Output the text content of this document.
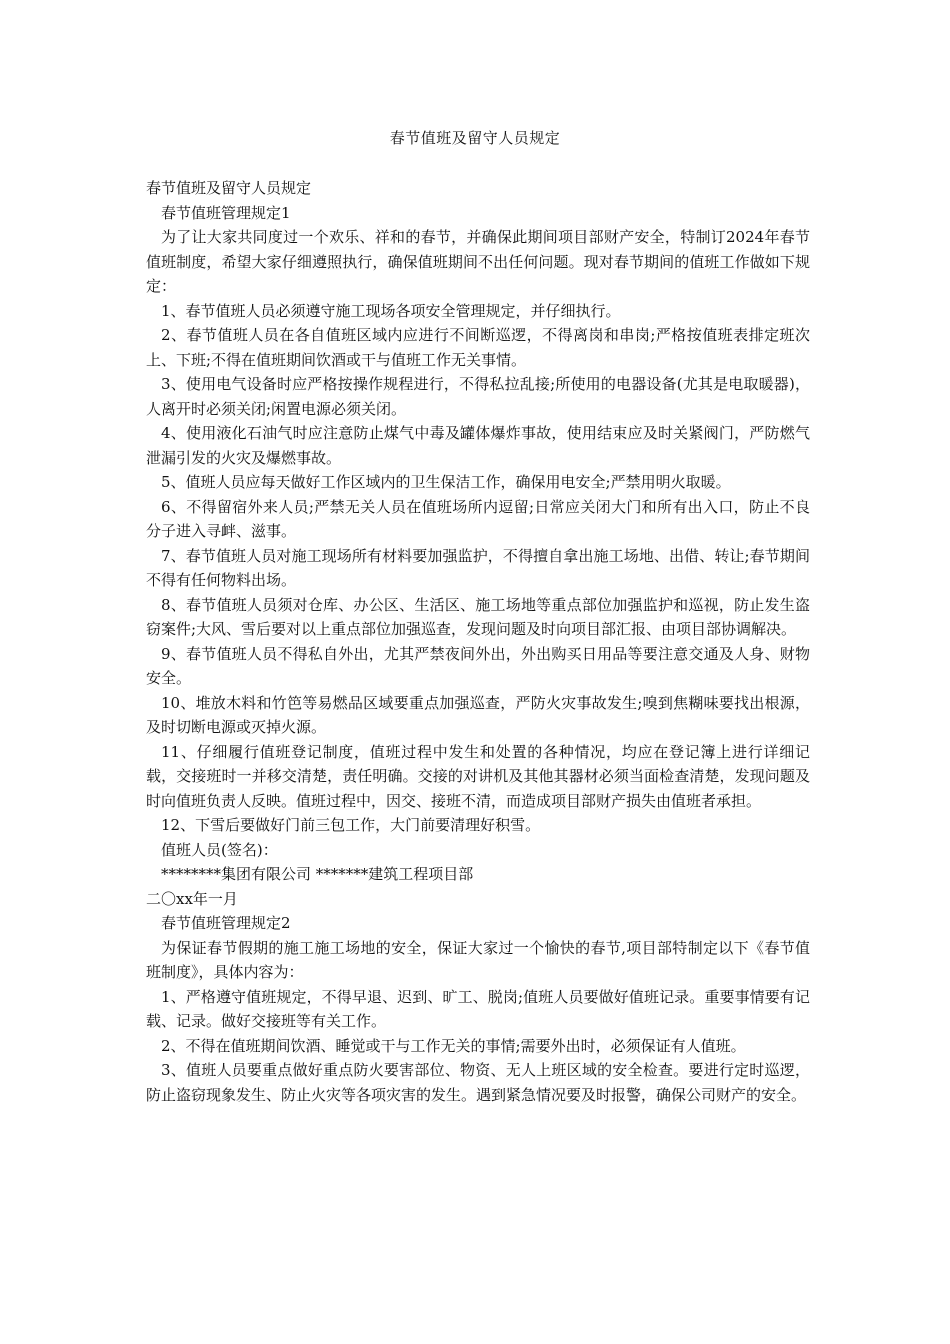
春节值班及留守人员规定

春节值班及留守人员规定

春节值班管理规定1

为了让大家共同度过一个欢乐、祥和的春节，并确保此期间项目部财产安全，特制订2024年春节值班制度，希望大家仔细遵照执行，确保值班期间不出任何问题。现对春节期间的值班工作做如下规定：

1、春节值班人员必须遵守施工现场各项安全管理规定，并仔细执行。

2、春节值班人员在各自值班区域内应进行不间断巡逻，不得离岗和串岗;严格按值班表排定班次上、下班;不得在值班期间饮酒或干与值班工作无关事情。

3、使用电气设备时应严格按操作规程进行，不得私拉乱接;所使用的电器设备(尤其是电取暖器)，人离开时必须关闭;闲置电源必须关闭。

4、使用液化石油气时应注意防止煤气中毒及罐体爆炸事故，使用结束应及时关紧阀门，严防燃气泄漏引发的火灾及爆燃事故。

5、值班人员应每天做好工作区域内的卫生保洁工作，确保用电安全;严禁用明火取暖。

6、不得留宿外来人员;严禁无关人员在值班场所内逗留;日常应关闭大门和所有出入口，防止不良分子进入寻衅、滋事。

7、春节值班人员对施工现场所有材料要加强监护，不得擅自拿出施工场地、出借、转让;春节期间不得有任何物料出场。

8、春节值班人员须对仓库、办公区、生活区、施工场地等重点部位加强监护和巡视，防止发生盗窃案件;大风、雪后要对以上重点部位加强巡查，发现问题及时向项目部汇报、由项目部协调解决。

9、春节值班人员不得私自外出，尤其严禁夜间外出，外出购买日用品等要注意交通及人身、财物安全。

10、堆放木料和竹笆等易燃品区域要重点加强巡查，严防火灾事故发生;嗅到焦糊味要找出根源，及时切断电源或灭掉火源。

11、仔细履行值班登记制度，值班过程中发生和处置的各种情况，均应在登记簿上进行详细记载，交接班时一并移交清楚，责任明确。交接的对讲机及其他其器材必须当面检查清楚，发现问题及时向值班负责人反映。值班过程中，因交、接班不清，而造成项目部财产损失由值班者承担。

12、下雪后要做好门前三包工作，大门前要清理好积雪。

值班人员(签名)：

********集团有限公司 *******建筑工程项目部

二〇xx年一月

春节值班管理规定2

为保证春节假期的施工施工场地的安全，保证大家过一个愉快的春节,项目部特制定以下《春节值班制度》，具体内容为：

1、严格遵守值班规定，不得早退、迟到、旷工、脱岗;值班人员要做好值班记录。重要事情要有记载、记录。做好交接班等有关工作。

2、不得在值班期间饮酒、睡觉或干与工作无关的事情;需要外出时，必须保证有人值班。

3、值班人员要重点做好重点防火要害部位、物资、无人上班区域的安全检查。要进行定时巡逻，防止盗窃现象发生、防止火灾等各项灾害的发生。遇到紧急情况要及时报警，确保公司财产的安全。
